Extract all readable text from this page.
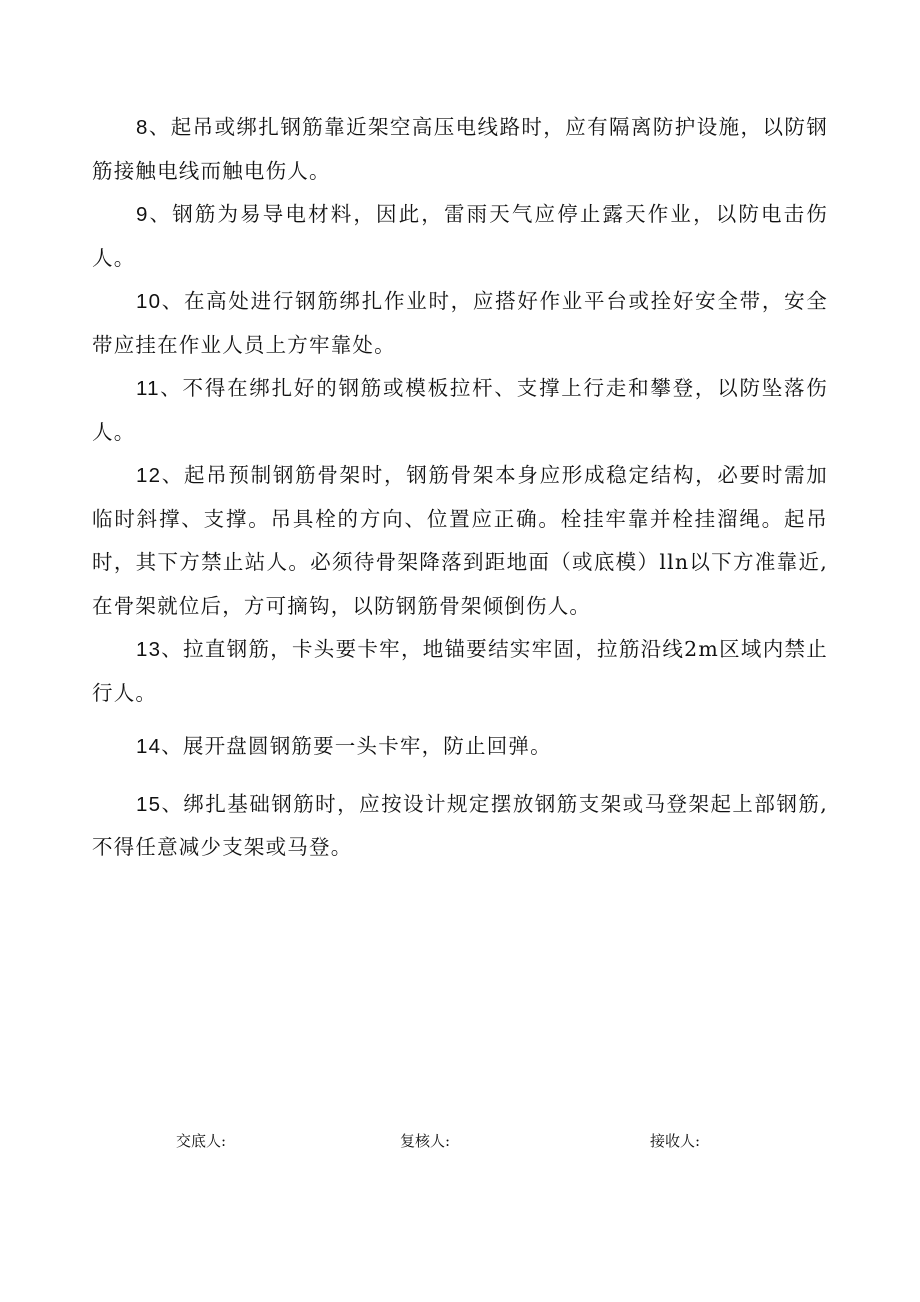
8、起吊或绑扎钢筋靠近架空高压电线路时，应有隔离防护设施，以防钢筋接触电线而触电伤人。

9、钢筋为易导电材料，因此，雷雨天气应停止露天作业，以防电击伤人。

10、在高处进行钢筋绑扎作业时，应搭好作业平台或拴好安全带，安全带应挂在作业人员上方牢靠处。

11、不得在绑扎好的钢筋或模板拉杆、支撑上行走和攀登，以防坠落伤人。

12、起吊预制钢筋骨架时，钢筋骨架本身应形成稳定结构，必要时需加临时斜撑、支撑。吊具栓的方向、位置应正确。栓挂牢靠并栓挂溜绳。起吊时，其下方禁止站人。必须待骨架降落到距地面（或底模）lln以下方准靠近,在骨架就位后，方可摘钩，以防钢筋骨架倾倒伤人。

13、拉直钢筋，卡头要卡牢，地锚要结实牢固，拉筋沿线2m区域内禁止行人。

14、展开盘圆钢筋要一头卡牢，防止回弹。

15、绑扎基础钢筋时，应按设计规定摆放钢筋支架或马登架起上部钢筋,不得任意减少支架或马登。

交底人:	复核人:	接收人:
